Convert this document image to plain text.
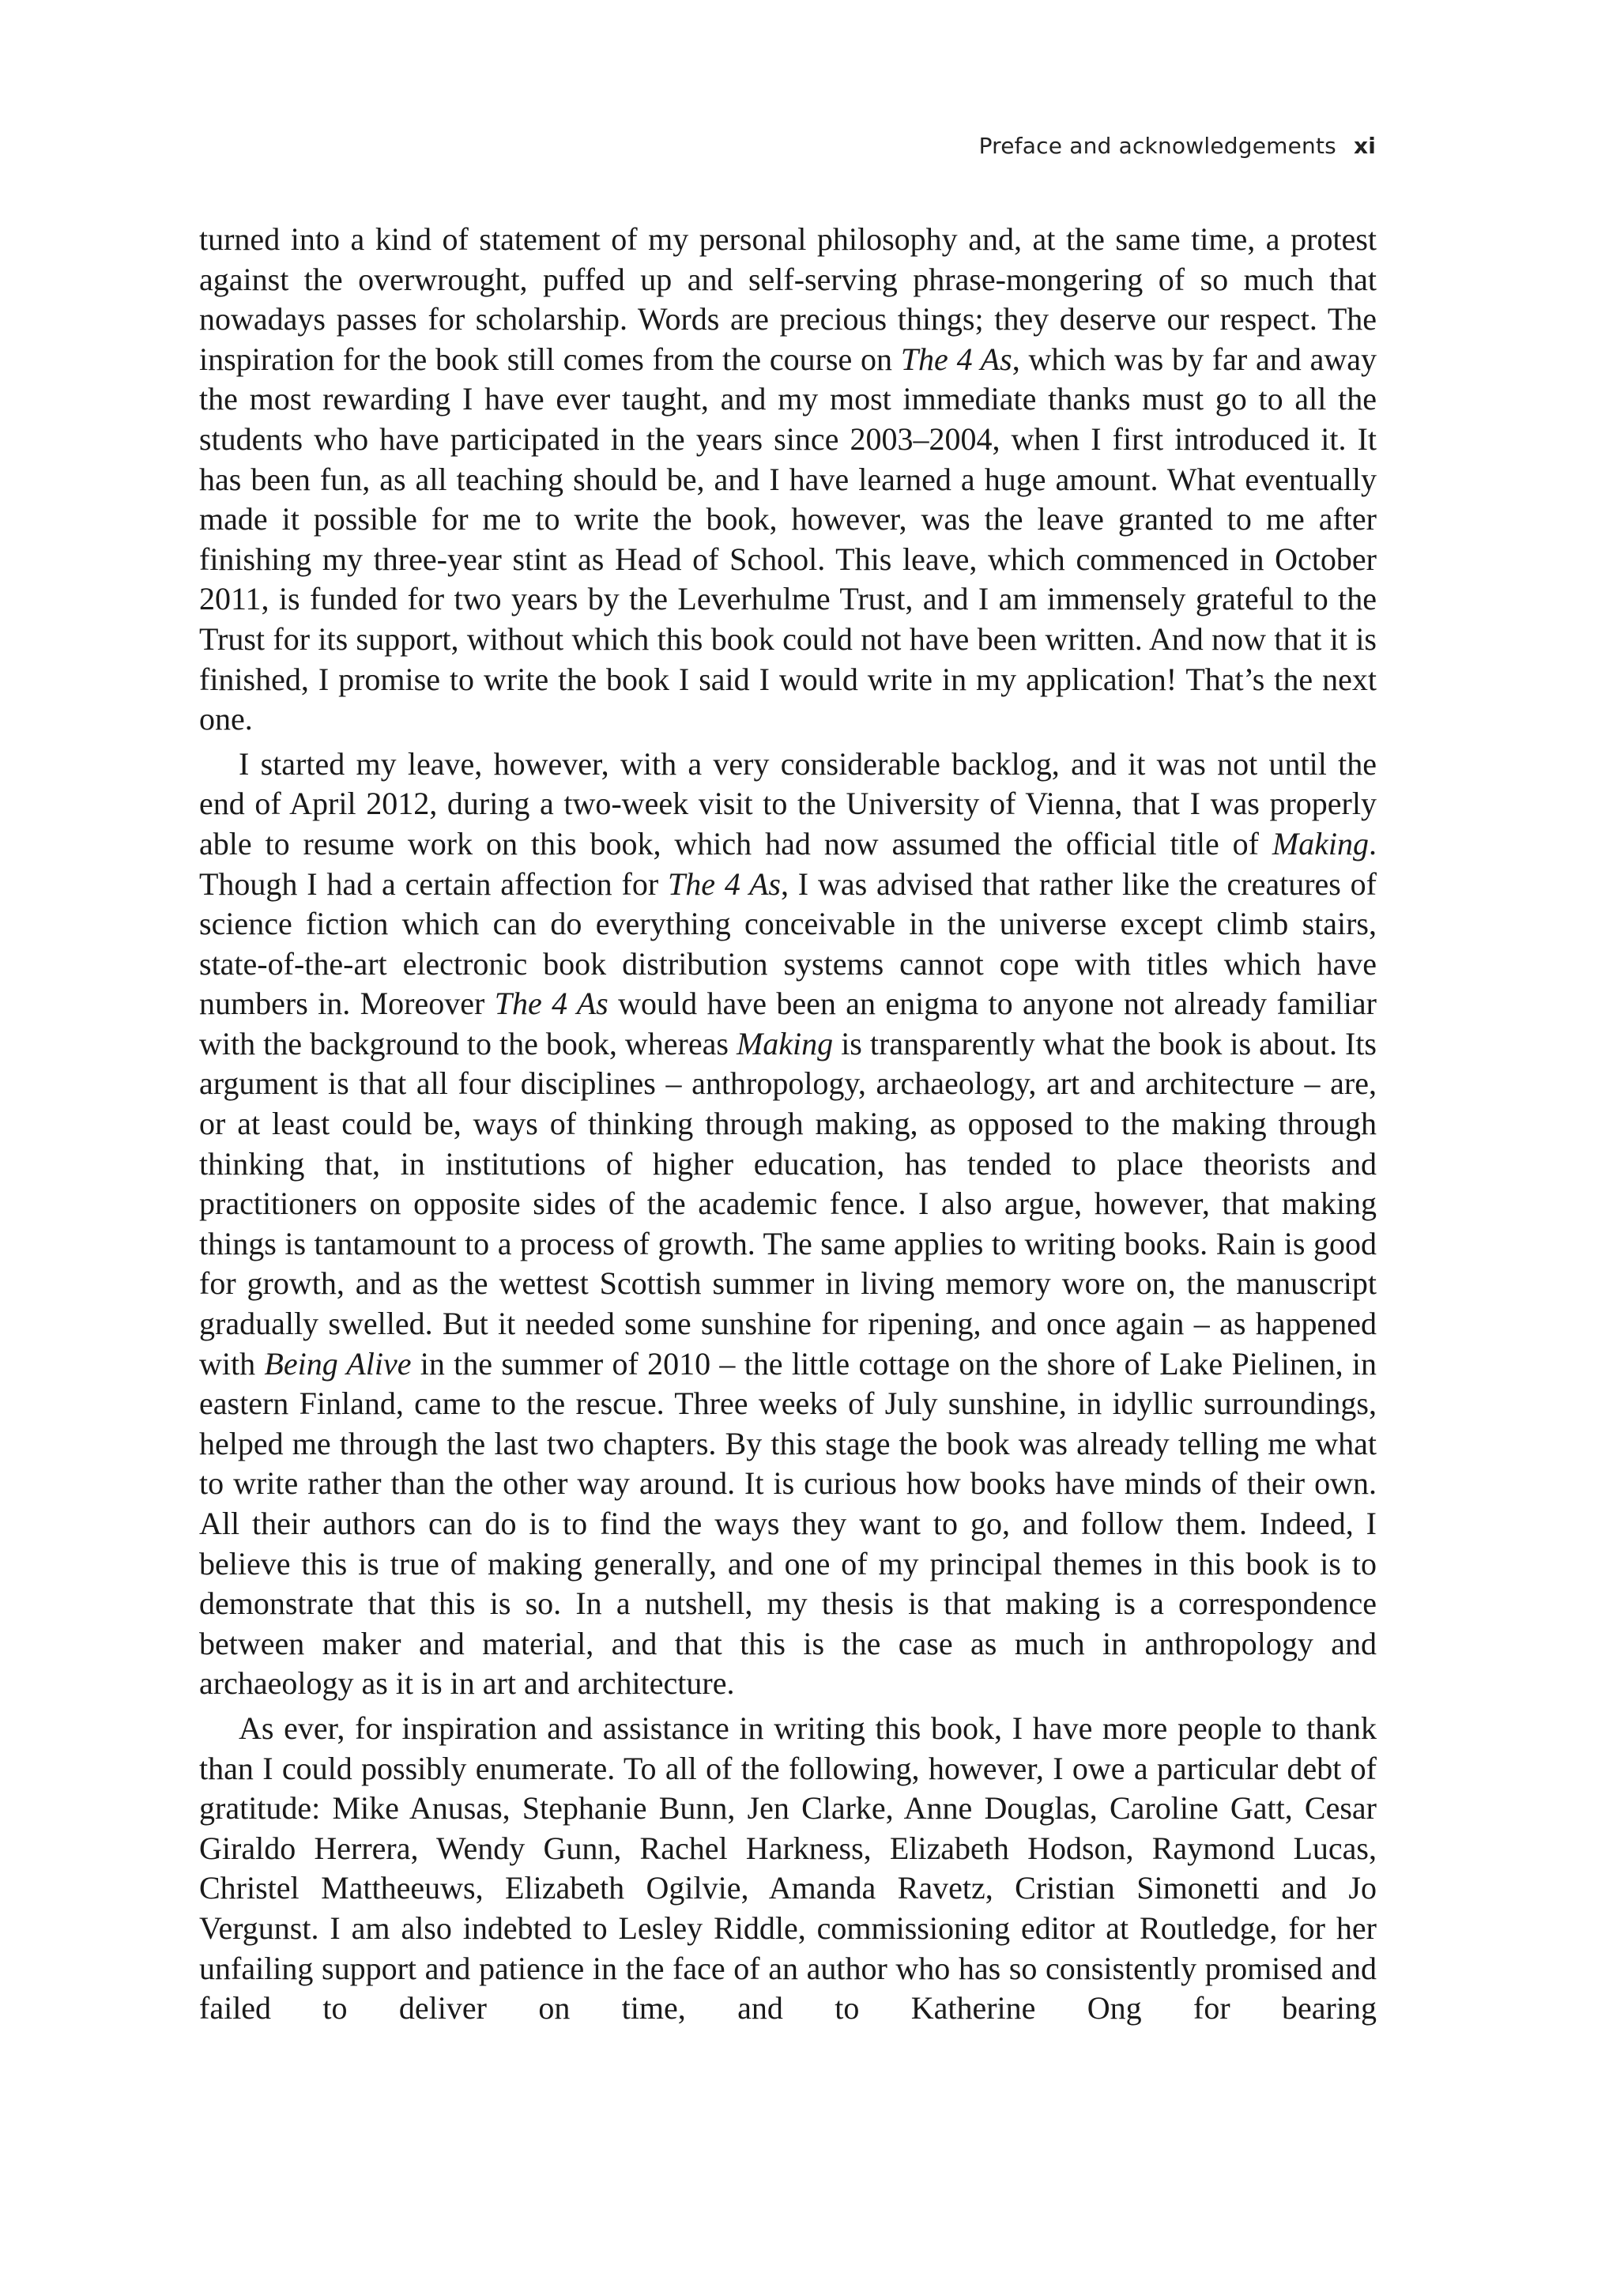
Preface and acknowledgements xi

turned into a kind of statement of my personal philosophy and, at the same time, a protest against the overwrought, puffed up and self-serving phrase-mongering of so much that nowadays passes for scholarship. Words are precious things; they deserve our respect. The inspiration for the book still comes from the course on The 4 As, which was by far and away the most rewarding I have ever taught, and my most immediate thanks must go to all the students who have participated in the years since 2003–2004, when I first introduced it. It has been fun, as all teaching should be, and I have learned a huge amount. What eventually made it possible for me to write the book, however, was the leave granted to me after finishing my three-year stint as Head of School. This leave, which commenced in October 2011, is funded for two years by the Leverhulme Trust, and I am immensely grateful to the Trust for its support, without which this book could not have been written. And now that it is finished, I promise to write the book I said I would write in my application! That’s the next one.

I started my leave, however, with a very considerable backlog, and it was not until the end of April 2012, during a two-week visit to the University of Vienna, that I was properly able to resume work on this book, which had now assumed the official title of Making. Though I had a certain affection for The 4 As, I was advised that rather like the creatures of science fiction which can do everything conceivable in the universe except climb stairs, state-of-the-art electronic book distribution systems cannot cope with titles which have numbers in. Moreover The 4 As would have been an enigma to anyone not already familiar with the background to the book, whereas Making is transparently what the book is about. Its argument is that all four disciplines – anthropology, archaeology, art and architecture – are, or at least could be, ways of thinking through making, as opposed to the making through thinking that, in institutions of higher education, has tended to place theorists and practitioners on opposite sides of the academic fence. I also argue, however, that making things is tantamount to a process of growth. The same applies to writing books. Rain is good for growth, and as the wettest Scottish summer in living memory wore on, the manuscript gradually swelled. But it needed some sunshine for ripening, and once again – as happened with Being Alive in the summer of 2010 – the little cottage on the shore of Lake Pielinen, in eastern Finland, came to the rescue. Three weeks of July sunshine, in idyllic surroundings, helped me through the last two chapters. By this stage the book was already telling me what to write rather than the other way around. It is curious how books have minds of their own. All their authors can do is to find the ways they want to go, and follow them. Indeed, I believe this is true of making generally, and one of my principal themes in this book is to demonstrate that this is so. In a nutshell, my thesis is that making is a correspondence between maker and material, and that this is the case as much in anthropology and archaeology as it is in art and architecture.

As ever, for inspiration and assistance in writing this book, I have more people to thank than I could possibly enumerate. To all of the following, however, I owe a particular debt of gratitude: Mike Anusas, Stephanie Bunn, Jen Clarke, Anne Douglas, Caroline Gatt, Cesar Giraldo Herrera, Wendy Gunn, Rachel Harkness, Elizabeth Hodson, Raymond Lucas, Christel Mattheeuws, Elizabeth Ogilvie, Amanda Ravetz, Cristian Simonetti and Jo Vergunst. I am also indebted to Lesley Riddle, commissioning editor at Routledge, for her unfailing support and patience in the face of an author who has so consistently promised and failed to deliver on time, and to Katherine Ong for bearing
